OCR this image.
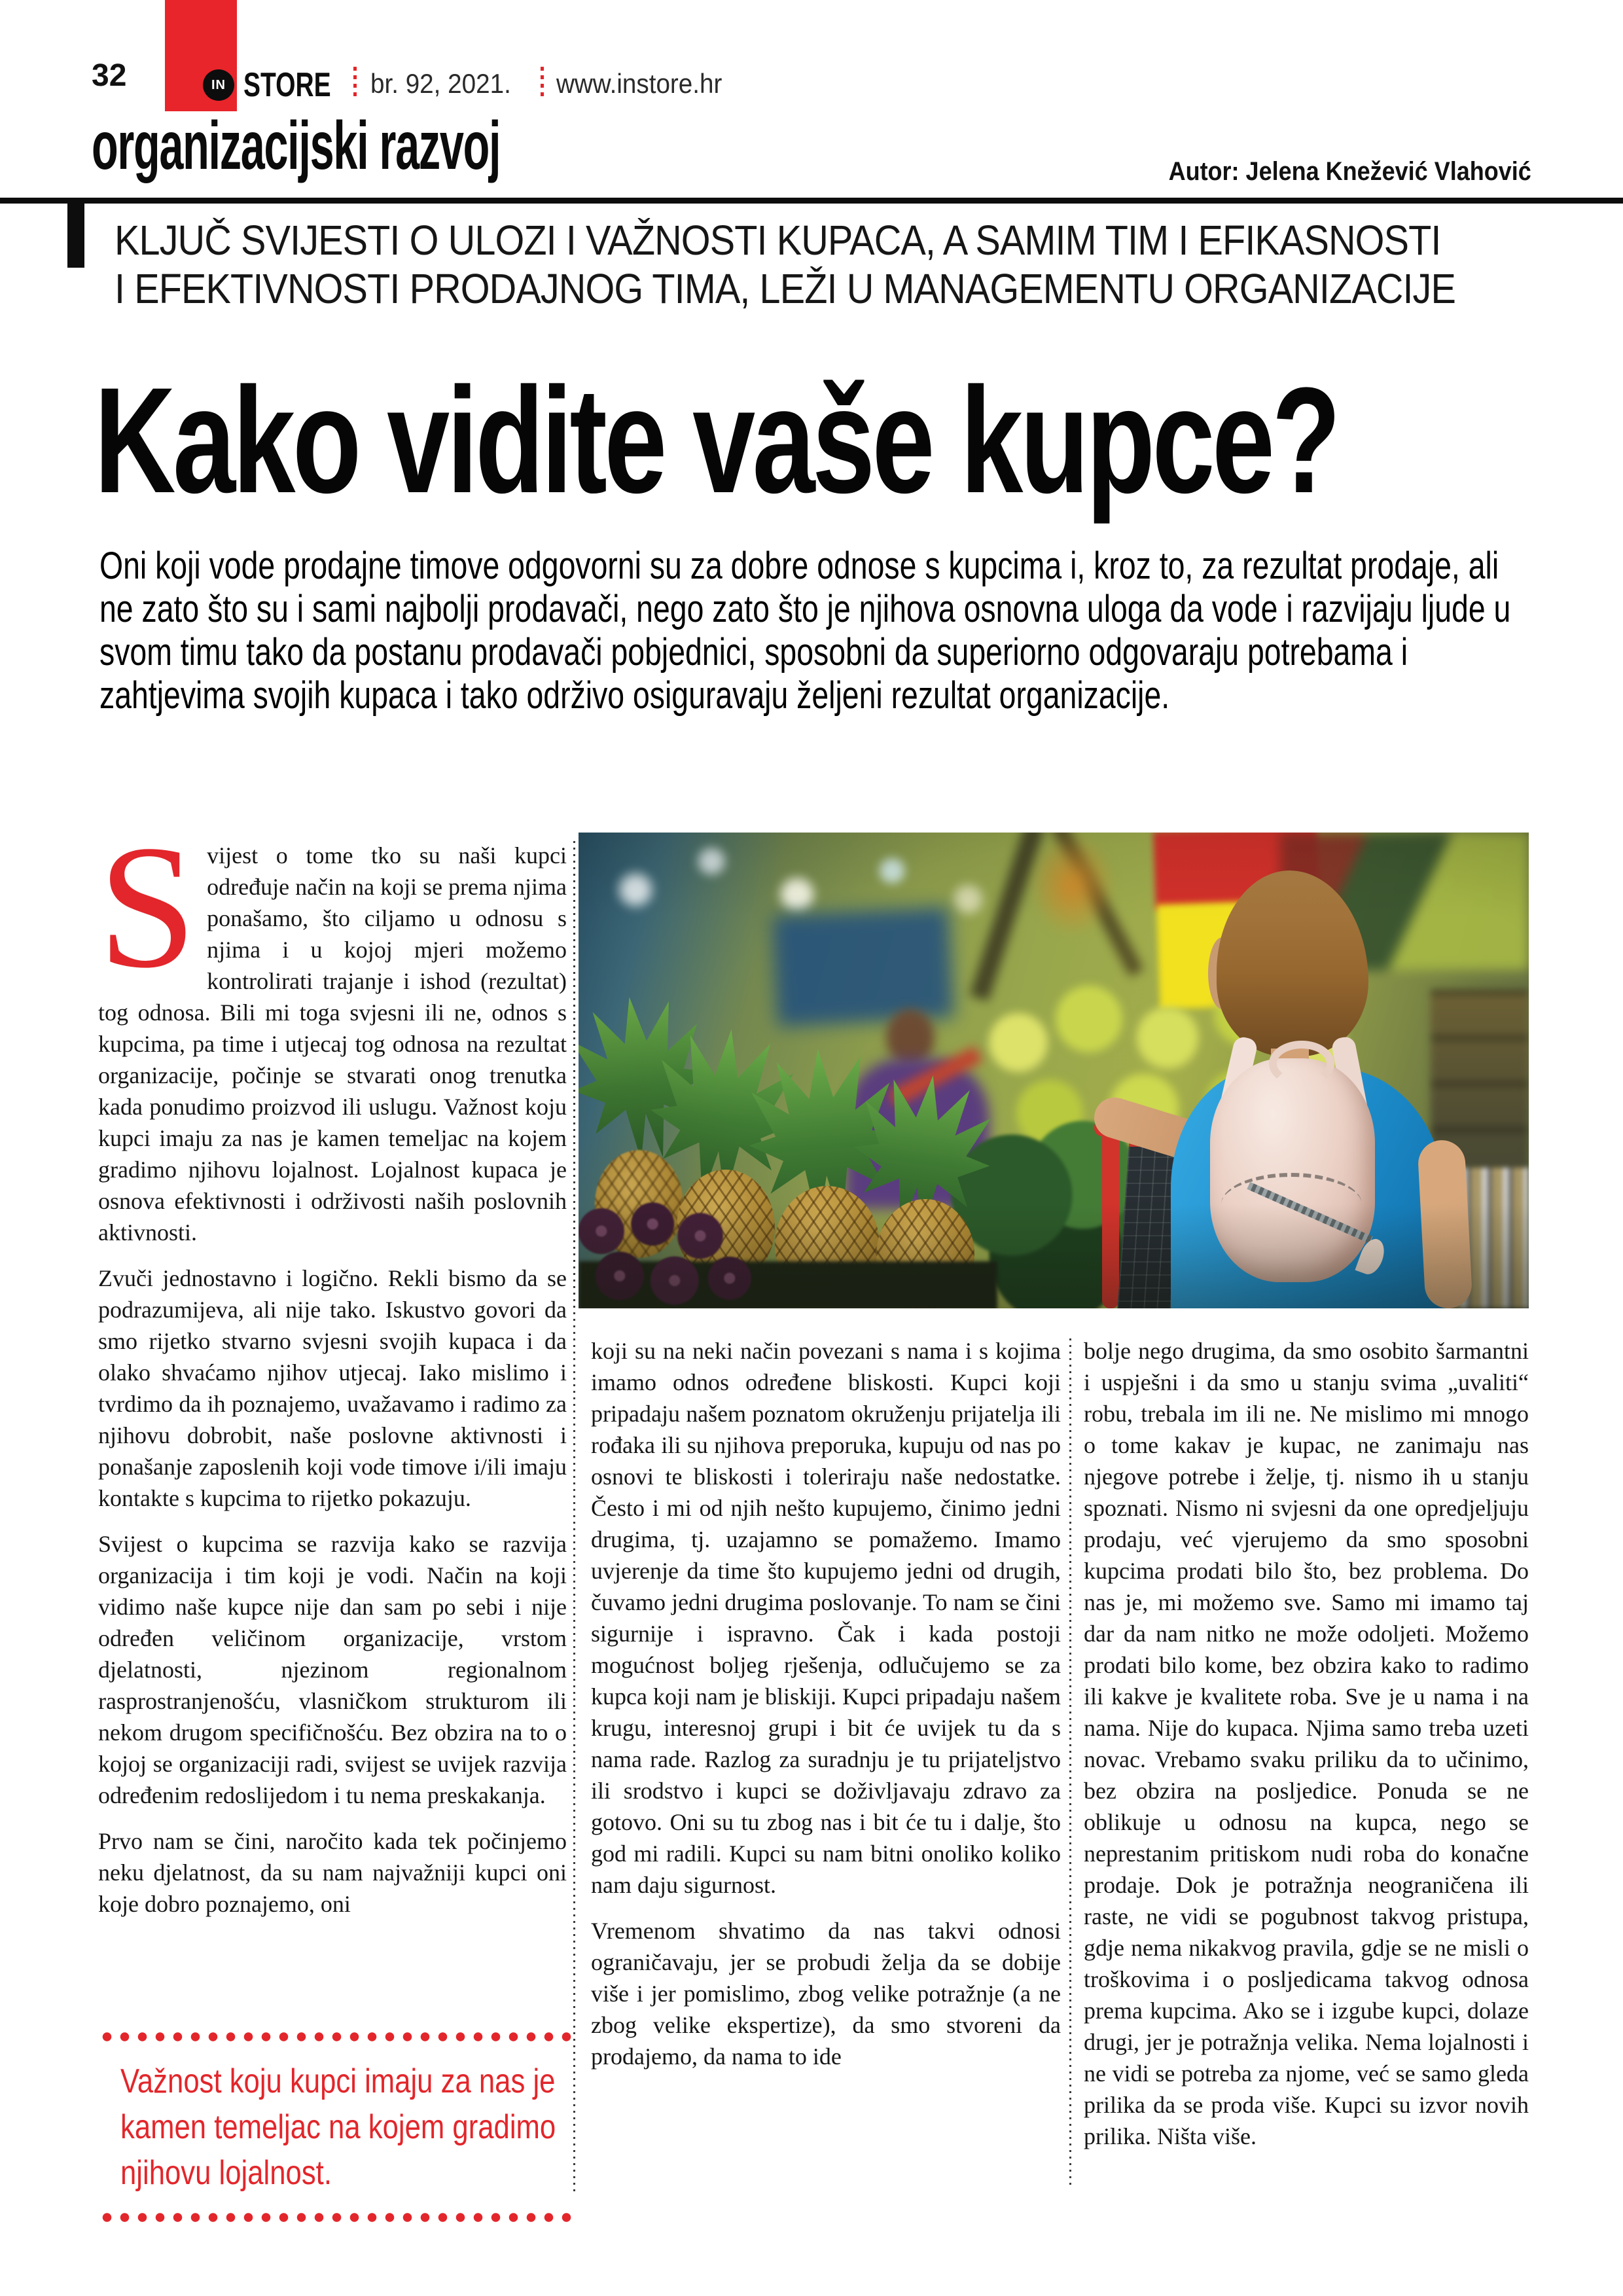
32	IN STORE br. 92, 2021. www.instore.hr
organizacijski razvoj	Autor: Jelena Knežević Vlahović
KLJUČ SVIJESTI O ULOZI I VAŽNOSTI KUPACA, A SAMIM TIM I EFIKASNOSTI
I EFEKTIVNOSTI PRODAJNOG TIMA, LEŽI U MANAGEMENTU ORGANIZACIJE
Kako vidite vaše kupce?
Oni koji vode prodajne timove odgovorni su za dobre odnose s kupcima i, kroz to, za rezultat prodaje, ali ne zato što su i sami najbolji prodavači, nego zato što je njihova osnovna uloga da vode i razvijaju ljude u svom timu tako da postanu prodavači pobjednici, sposobni da superiorno odgovaraju potrebama i zahtjevima svojih kupaca i tako održivo osiguravaju željeni rezultat organizacije.

Svijest o tome tko su naši kupci određuje način na koji se prema njima ponašamo, što ciljamo u odnosu s njima i u kojoj mjeri možemo kontrolirati trajanje i ishod (rezultat) tog odnosa. Bili mi toga svjesni ili ne, odnos s kupcima, pa time i utjecaj tog odnosa na rezultat organizacije, počinje se stvarati onog trenutka kada ponudimo proizvod ili uslugu. Važnost koju kupci imaju za nas je kamen temeljac na kojem gradimo njihovu lojalnost. Lojalnost kupaca je osnova efektivnosti i održivosti naših poslovnih aktivnosti.

Zvuči jednostavno i logično. Rekli bismo da se podrazumijeva, ali nije tako. Iskustvo govori da smo rijetko stvarno svjesni svojih kupaca i da olako shvaćamo njihov utjecaj. Iako mislimo i tvrdimo da ih poznajemo, uvažavamo i radimo za njihovu dobrobit, naše poslovne aktivnosti i ponašanje zaposlenih koji vode timove i/ili imaju kontakte s kupcima to rijetko pokazuju.

Svijest o kupcima se razvija kako se razvija organizacija i tim koji je vodi. Način na koji vidimo naše kupce nije dan sam po sebi i nije određen veličinom organizacije, vrstom djelatnosti, njezinom regionalnom rasprostranjenošću, vlasničkom strukturom ili nekom drugom specifičnošću. Bez obzira na to o kojoj se organizaciji radi, svijest se uvijek razvija određenim redoslijedom i tu nema preskakanja.

Prvo nam se čini, naročito kada tek počinjemo neku djelatnost, da su nam najvažniji kupci oni koje dobro poznajemo, oni

koji su na neki način povezani s nama i s kojima imamo odnos određene bliskosti. Kupci koji pripadaju našem poznatom okruženju prijatelja ili rođaka ili su njihova preporuka, kupuju od nas po osnovi te bliskosti i toleriraju naše nedostatke. Često i mi od njih nešto kupujemo, činimo jedni drugima, tj. uzajamno se pomažemo. Imamo uvjerenje da time što kupujemo jedni od drugih, čuvamo jedni drugima poslovanje. To nam se čini sigurnije i ispravno. Čak i kada postoji mogućnost boljeg rješenja, odlučujemo se za kupca koji nam je bliskiji. Kupci pripadaju našem krugu, interesnoj grupi i bit će uvijek tu da s nama rade. Razlog za suradnju je tu prijateljstvo ili srodstvo i kupci se doživljavaju zdravo za gotovo. Oni su tu zbog nas i bit će tu i dalje, što god mi radili. Kupci su nam bitni onoliko koliko nam daju sigurnost.

Vremenom shvatimo da nas takvi odnosi ograničavaju, jer se probudi želja da se dobije više i jer pomislimo, zbog velike potražnje (a ne zbog velike ekspertize), da smo stvoreni da prodajemo, da nama to ide

bolje nego drugima, da smo osobito šarmantni i uspješni i da smo u stanju svima „uvaliti“ robu, trebala im ili ne. Ne mislimo mi mnogo o tome kakav je kupac, ne zanimaju nas njegove potrebe i želje, tj. nismo ih u stanju spoznati. Nismo ni svjesni da one opredjeljuju prodaju, već vjerujemo da smo sposobni kupcima prodati bilo što, bez problema. Do nas je, mi možemo sve. Samo mi imamo taj dar da nam nitko ne može odoljeti. Možemo prodati bilo kome, bez obzira kako to radimo ili kakve je kvalitete roba. Sve je u nama i na nama. Nije do kupaca. Njima samo treba uzeti novac. Vrebamo svaku priliku da to učinimo, bez obzira na posljedice. Ponuda se ne oblikuje u odnosu na kupca, nego se neprestanim pritiskom nudi roba do konačne prodaje. Dok je potražnja neograničena ili raste, ne vidi se pogubnost takvog pristupa, gdje nema nikakvog pravila, gdje se ne misli o troškovima i o posljedicama takvog odnosa prema kupcima. Ako se i izgube kupci, dolaze drugi, jer je potražnja velika. Nema lojalnosti i ne vidi se potreba za njome, već se samo gleda prilika da se proda više. Kupci su izvor novih prilika. Ništa više.

Važnost koju kupci imaju za nas je kamen temeljac na kojem gradimo njihovu lojalnost.
